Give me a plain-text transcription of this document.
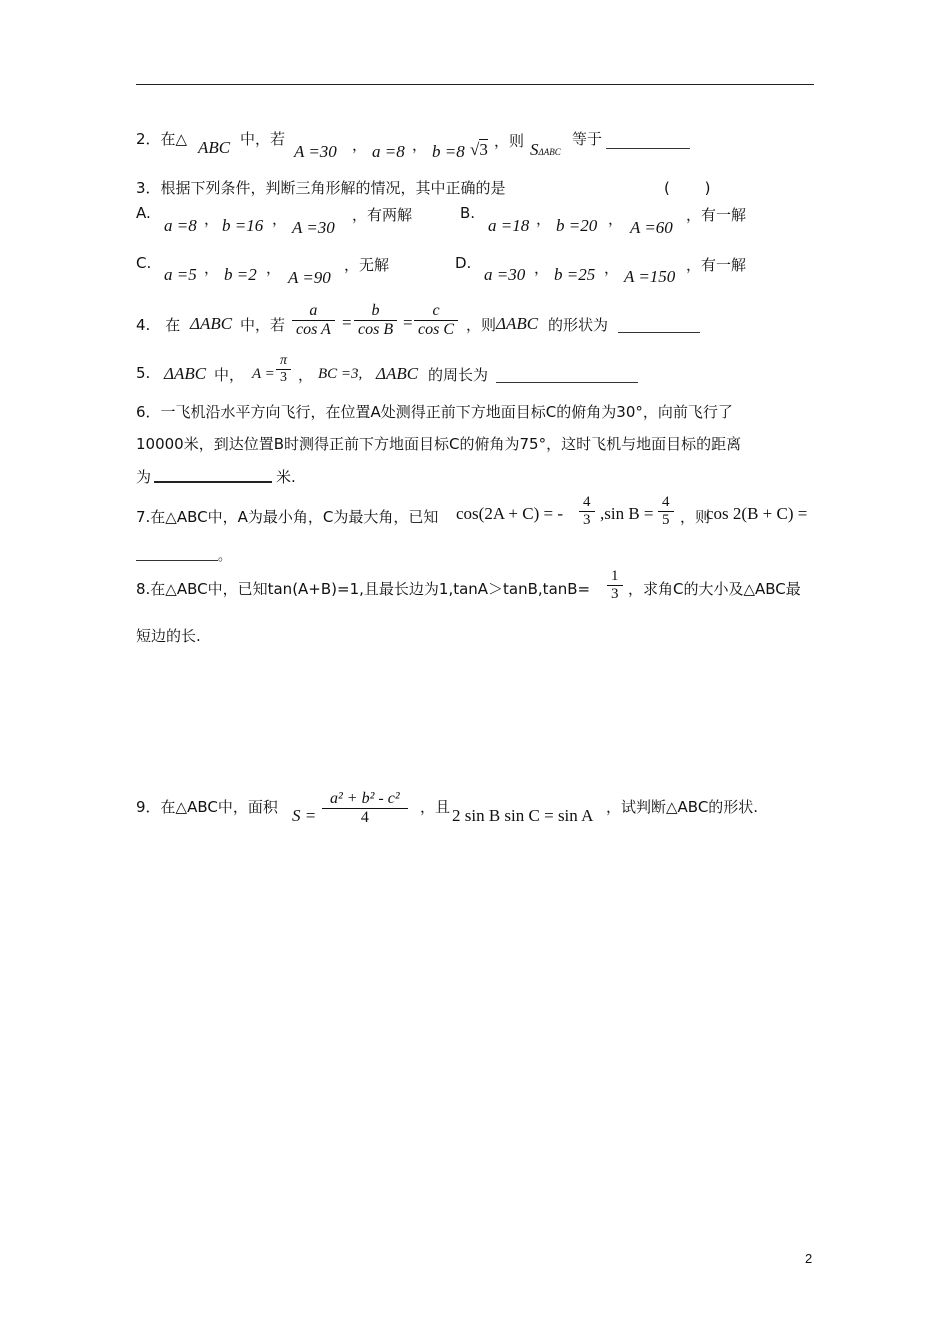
2．在△ ABC 中，若
A =30 ， a =8 ， b =8 √3 ，则 SΔABC
等于
3．根据下列条件，判断三角形解的情况，其中正确的是	(　　 )
A.
a =8 ， b =16 ， A =30
，有两解	B.
a =18 ， b =20 ， A =60
，有一解
C.
a =5 ， b =2 ， A =90
，无解	D.
a =30 ， b =25 ， A =150
，有一解
4.　在 ΔABC 中，若 $\frac{a}{\text{cos A}} = \frac{b}{\text{cos B}} = \frac{c}{\text{cos C}}$ ，则 ΔABC 的形状为
5. ΔABC 中， $A = \frac{\pi}{3}$ ， BC =3, ΔABC 的周长为
6．一飞机沿水平方向飞行，在位置A处测得正前下方地面目标C的俯角为30°，向前飞行了
10000米，到达位置B时测得正前下方地面目标C的俯角为75°，这时飞机与地面目标的距离
为	米.
7.在△ABC中，A为最小角，C为最大角，已知 cos(2A + C) = - $\frac{4}{3} ,\sin$ $B = \frac{4}{5}$ ，则
cos 2(B + C) =
。
8.在△ABC中，已知tan(A+B)=1,且最长边为$1,\tan A>\tan B,\tan B= \frac{1}{3}$ ，求角C的大小及△ABC最
短边的长.
9．在△ABC中，面积 $S = \frac{\text{a² + b² - c²}}{4}$ ，且 2 sin B sin C = sin A ，试判断△ABC的形状.
2
